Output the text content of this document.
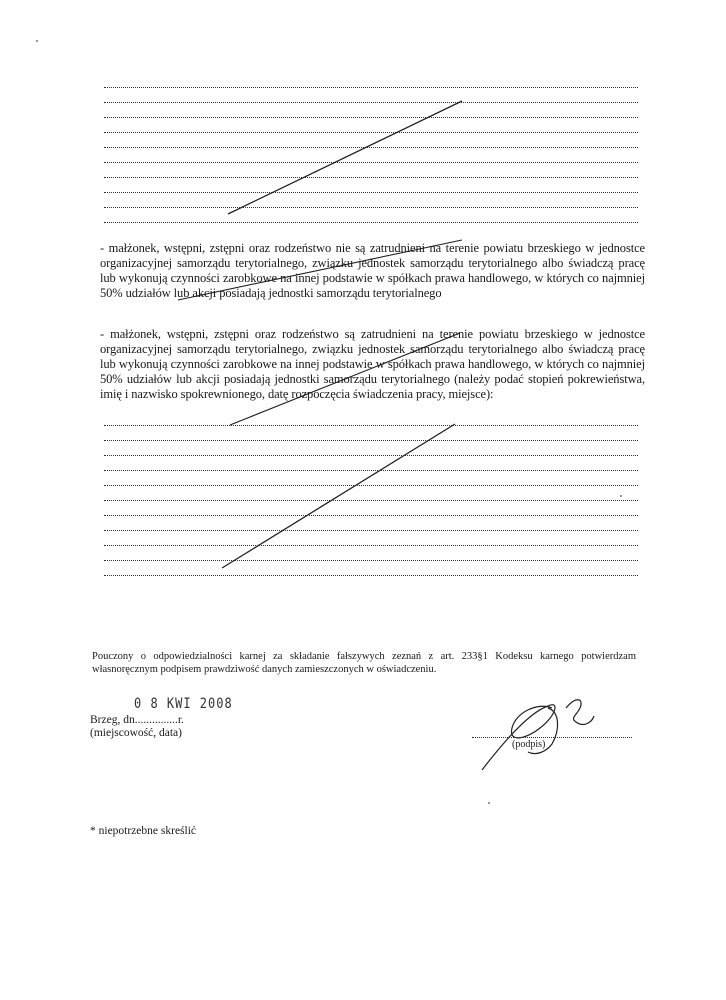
- małżonek, wstępni, zstępni oraz rodzeństwo nie są zatrudnieni na terenie powiatu brzeskiego w jednostce organizacyjnej samorządu terytorialnego, związku jednostek samorządu terytorialnego albo świadczą pracę lub wykonują czynności zarobkowe na innej podstawie w spółkach prawa handlowego, w których co najmniej 50% udziałów lub akcji posiadają jednostki samorządu terytorialnego
- małżonek, wstępni, zstępni oraz rodzeństwo są zatrudnieni na terenie powiatu brzeskiego w jednostce organizacyjnej samorządu terytorialnego, związku jednostek samorządu terytorialnego albo świadczą pracę lub wykonują czynności zarobkowe na innej podstawie w spółkach prawa handlowego, w których co najmniej 50% udziałów lub akcji posiadają jednostki samorządu terytorialnego (należy podać stopień pokrewieństwa, imię i nazwisko spokrewnionego, datę rozpoczęcia świadczenia pracy, miejsce):
Pouczony o odpowiedzialności karnej za składanie fałszywych zeznań z art. 233§1 Kodeksu karnego potwierdzam własnoręcznym podpisem prawdziwość danych zamieszczonych w oświadczeniu.
0 8 KWI 2008
Brzeg, dn...............r.
(miejscowość, data)
(podpis)
* niepotrzebne skreślić
